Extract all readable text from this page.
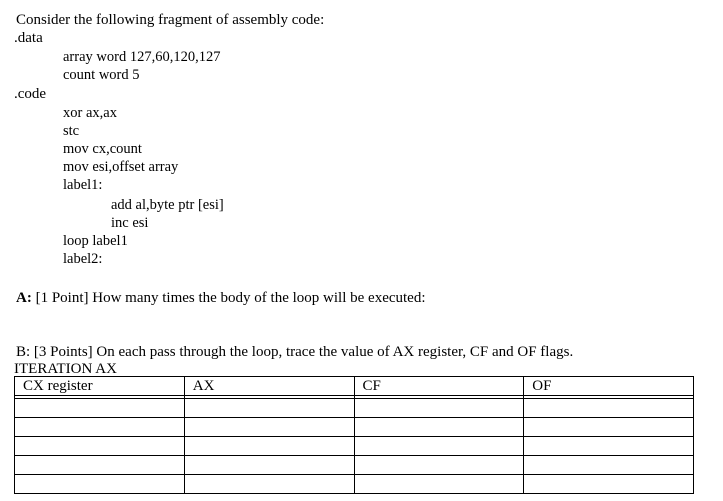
Consider the following fragment of assembly code:
.data
array word 127,60,120,127
count word 5
.code
xor ax,ax
stc
mov cx,count
mov esi,offset array
label1:
add al,byte ptr [esi]
inc esi
loop label1
label2:
A: [1 Point] How many times the body of the loop will be executed:
B: [3 Points] On each pass through the loop, trace the value of AX register, CF and OF flags.
ITERATION AX
CX register	AX	CF	OF
